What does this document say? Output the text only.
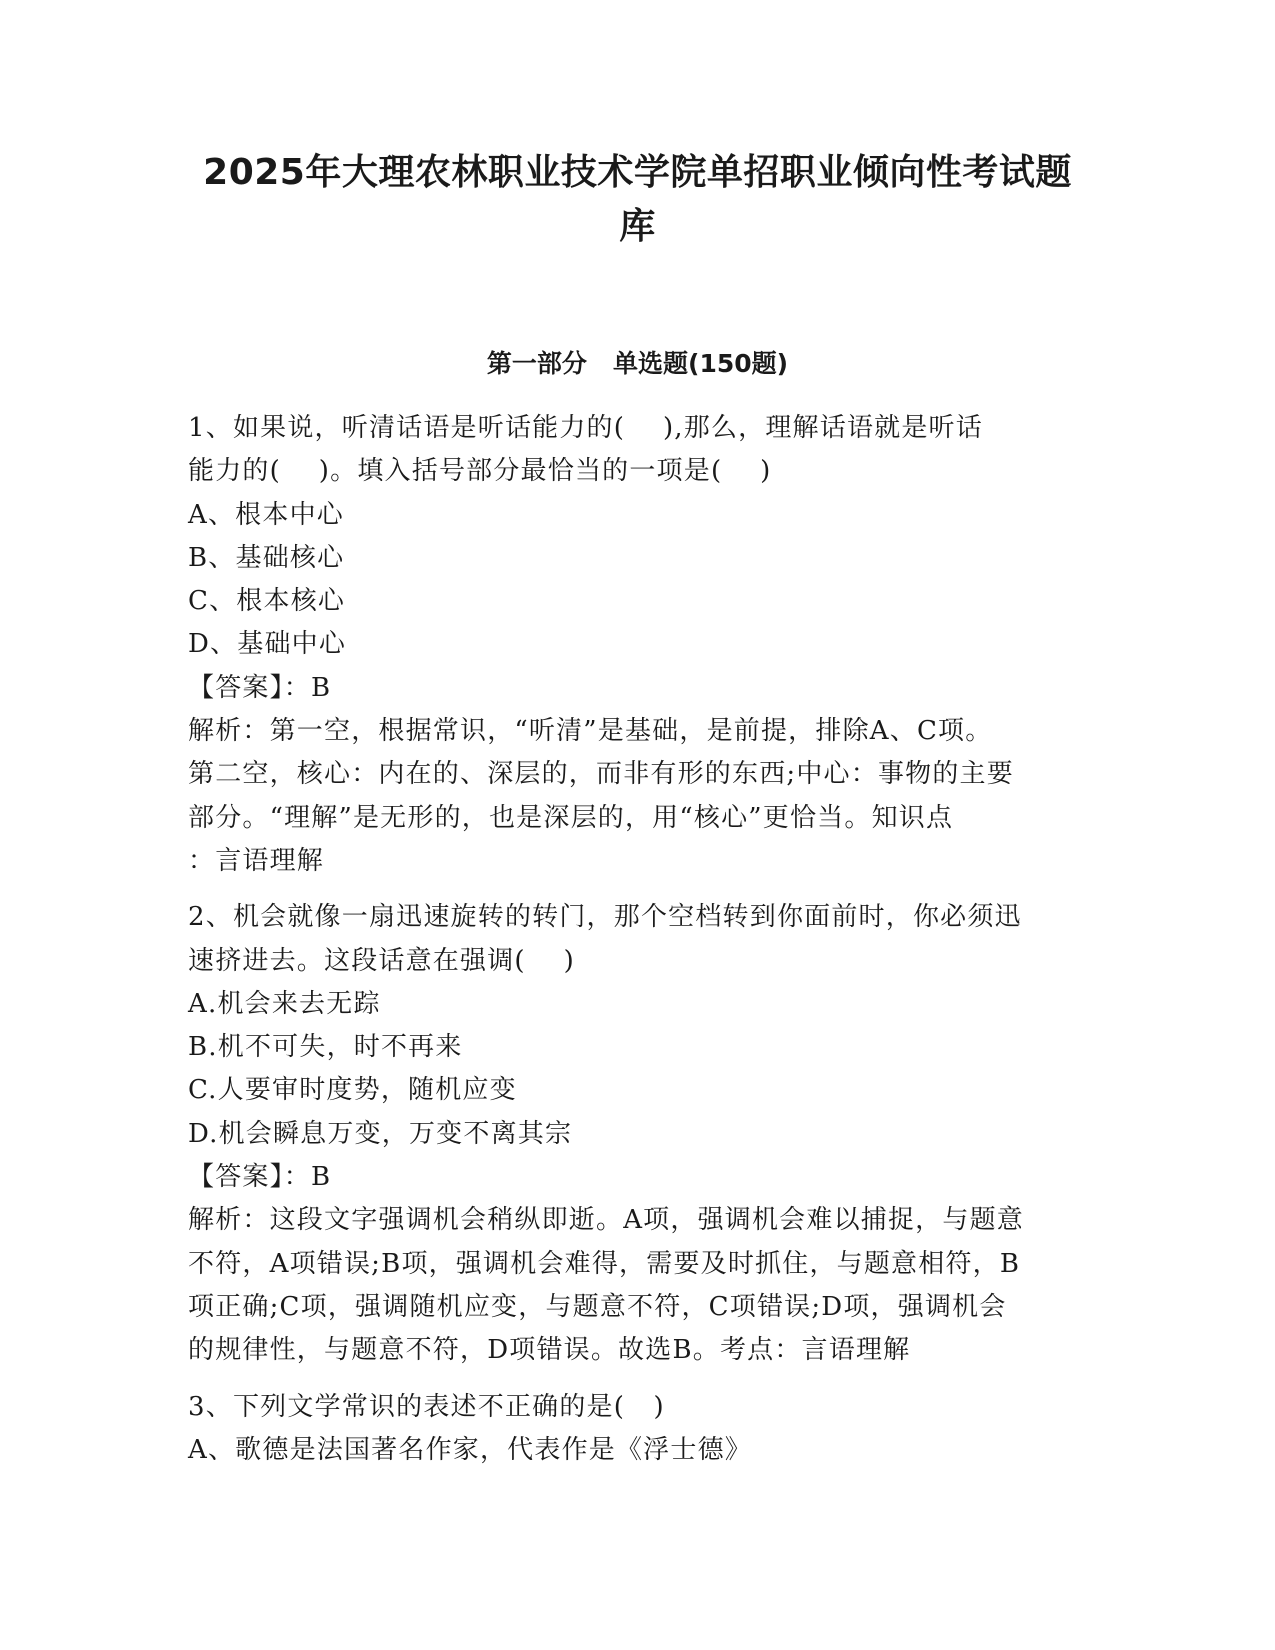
2025年大理农林职业技术学院单招职业倾向性考试题
库
第一部分   单选题(150题)
1、如果说，听清话语是听话能力的(    ),那么，理解话语就是听话
能力的(    )。填入括号部分最恰当的一项是(    )
A、根本中心
B、基础核心
C、根本核心
D、基础中心
【答案】：B
解析：第一空，根据常识，“听清”是基础，是前提，排除A、C项。
第二空，核心：内在的、深层的，而非有形的东西;中心：事物的主要
部分。“理解”是无形的，也是深层的，用“核心”更恰当。知识点
：言语理解
2、机会就像一扇迅速旋转的转门，那个空档转到你面前时，你必须迅
速挤进去。这段话意在强调(    )
A.机会来去无踪
B.机不可失，时不再来
C.人要审时度势，随机应变
D.机会瞬息万变，万变不离其宗
【答案】：B
解析：这段文字强调机会稍纵即逝。A项，强调机会难以捕捉，与题意
不符，A项错误;B项，强调机会难得，需要及时抓住，与题意相符，B
项正确;C项，强调随机应变，与题意不符，C项错误;D项，强调机会
的规律性，与题意不符，D项错误。故选B。考点：言语理解
3、下列文学常识的表述不正确的是(   )
A、歌德是法国著名作家，代表作是《浮士德》
